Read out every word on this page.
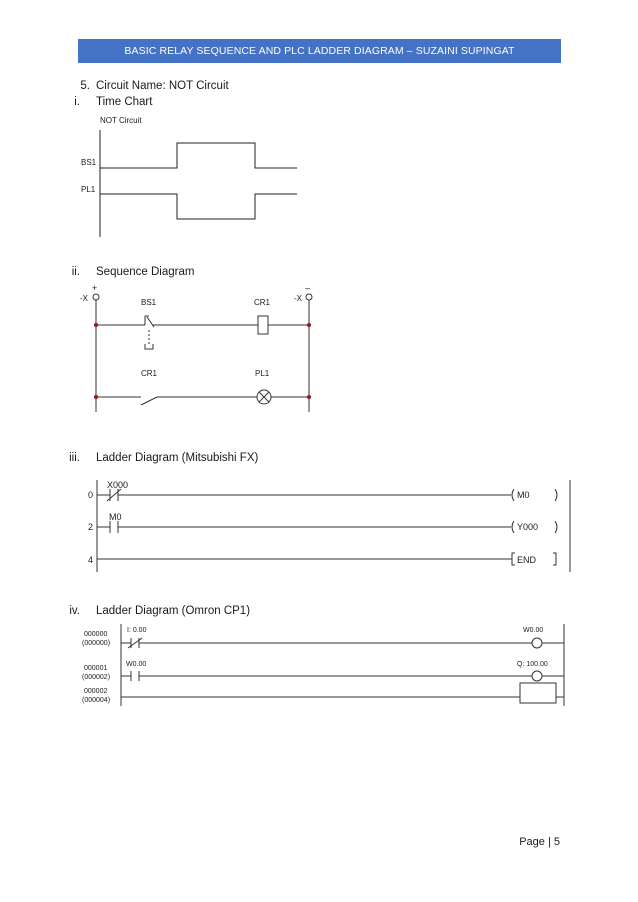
BASIC RELAY SEQUENCE AND PLC LADDER DIAGRAM – SUZAINI SUPINGAT
5. Circuit Name: NOT Circuit
i. Time Chart
NOT Circuit
BS1
PL1
ii. Sequence Diagram
+	–
-X	-X
BS1	CR1
CR1	PL1
iii. Ladder Diagram (Mitsubishi FX)
0
2
4
X000
M0
M0
Y000
END
iv. Ladder Diagram (Omron CP1)
000000
(000000)
000001
(000002)
000002
(000004)
I: 0.00
W0.00
W0.00
Q: 100.00
Page | 5
